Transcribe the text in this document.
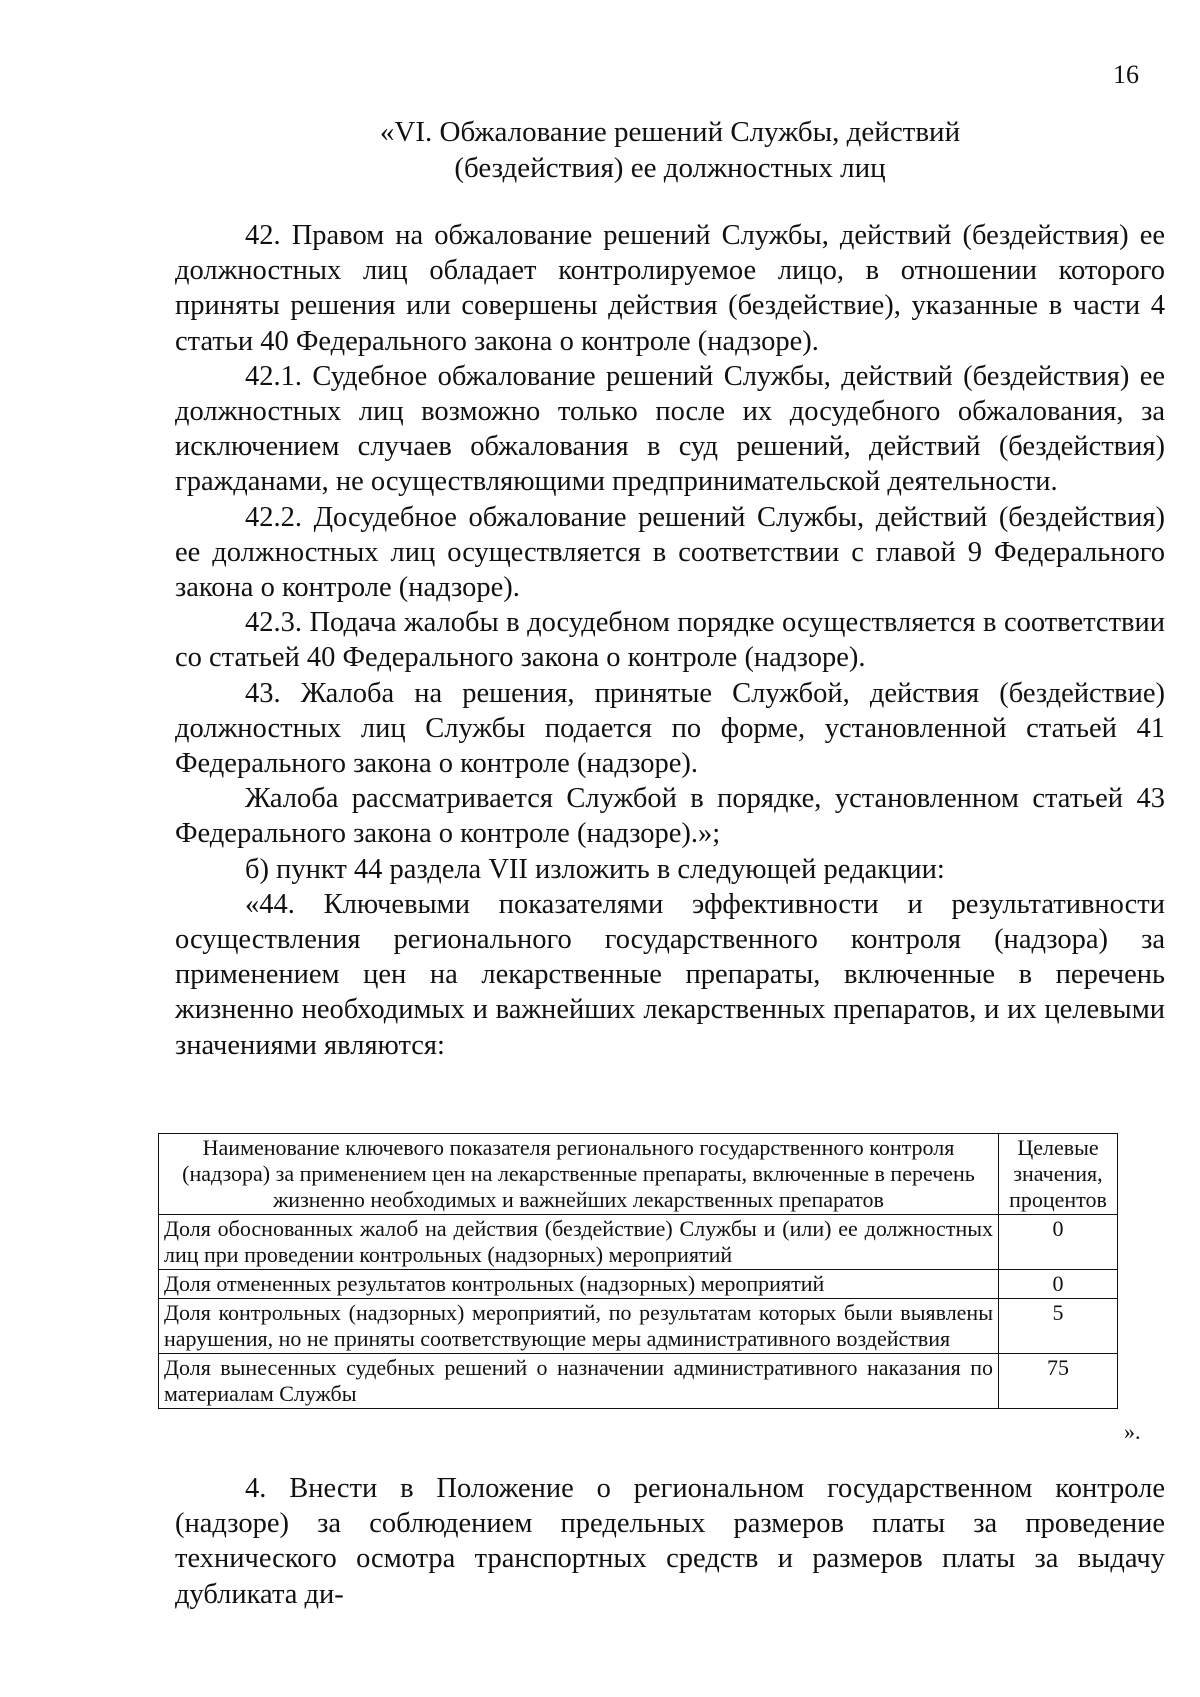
16
«VI. Обжалование решений Службы, действий
(бездействия) ее должностных лиц

42. Правом на обжалование решений Службы, действий (бездействия) ее должностных лиц обладает контролируемое лицо, в отношении которого приняты решения или совершены действия (бездействие), указанные в части 4 статьи 40 Федерального закона о контроле (надзоре).

42.1. Судебное обжалование решений Службы, действий (бездействия) ее должностных лиц возможно только после их досудебного обжалования, за исключением случаев обжалования в суд решений, действий (бездействия) гражданами, не осуществляющими предпринимательской деятельности.

42.2. Досудебное обжалование решений Службы, действий (бездействия) ее должностных лиц осуществляется в соответствии с главой 9 Федерального закона о контроле (надзоре).

42.3. Подача жалобы в досудебном порядке осуществляется в соответствии со статьей 40 Федерального закона о контроле (надзоре).

43. Жалоба на решения, принятые Службой, действия (бездействие) должностных лиц Службы подается по форме, установленной статьей 41 Федерального закона о контроле (надзоре).

Жалоба рассматривается Службой в порядке, установленном статьей 43 Федерального закона о контроле (надзоре).»;

б) пункт 44 раздела VII изложить в следующей редакции:

«44. Ключевыми показателями эффективности и результативности осуществления регионального государственного контроля (надзора) за применением цен на лекарственные препараты, включенные в перечень жизненно необходимых и важнейших лекарственных препаратов, и их целевыми значениями являются:

Наименование ключевого показателя регионального государственного контроля (надзора) за применением цен на лекарственные препараты, включенные в перечень жизненно необходимых и важнейших лекарственных препаратов	Целевые значения, процентов
Доля обоснованных жалоб на действия (бездействие) Службы и (или) ее должностных лиц при проведении контрольных (надзорных) мероприятий	0
Доля отмененных результатов контрольных (надзорных) мероприятий	0
Доля контрольных (надзорных) мероприятий, по результатам которых были выявлены нарушения, но не приняты соответствующие меры административного воздействия	5
Доля вынесенных судебных решений о назначении административного наказания по материалам Службы	75
».

4. Внести в Положение о региональном государственном контроле (надзоре) за соблюдением предельных размеров платы за проведение технического осмотра транспортных средств и размеров платы за выдачу дубликата ди-
